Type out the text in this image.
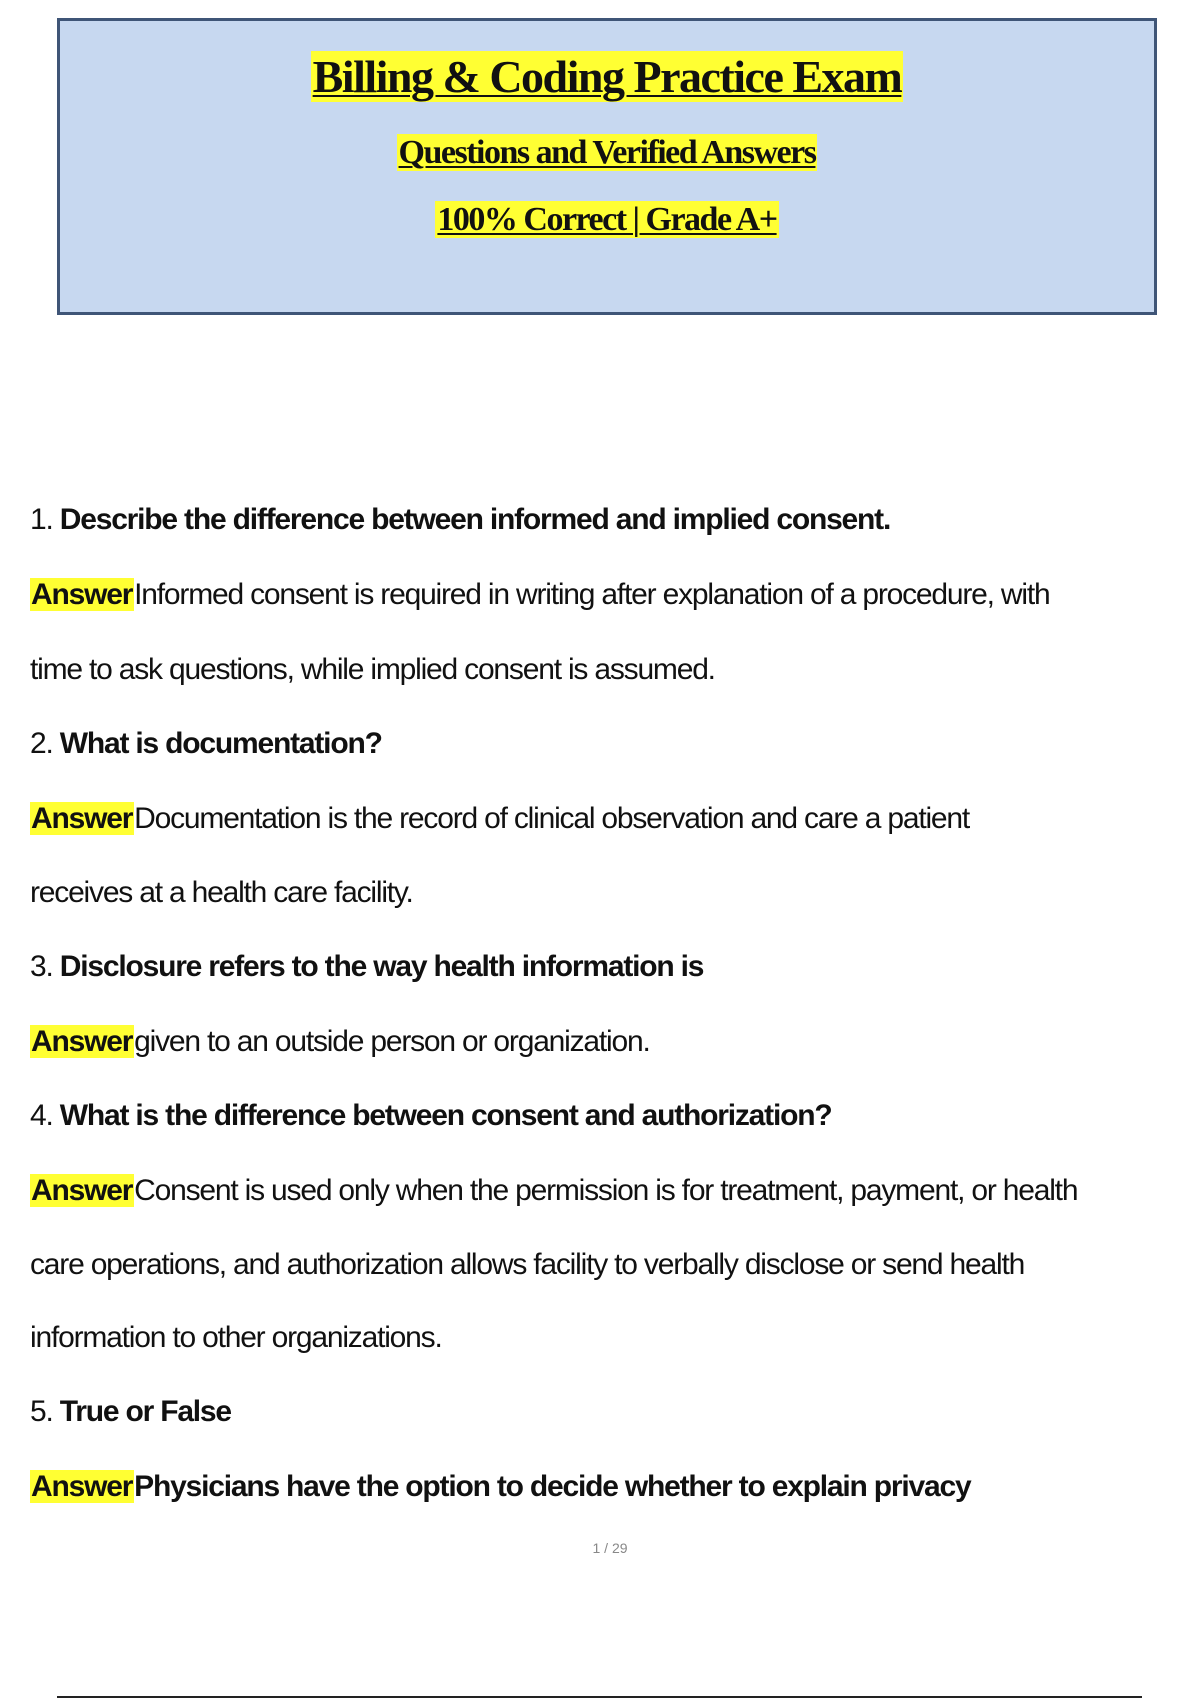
Billing & Coding Practice Exam

Questions and Verified Answers

100% Correct | Grade A+

1. Describe the difference between informed and implied consent.

AnswerInformed consent is required in writing after explanation of a procedure, with

time to ask questions, while implied consent is assumed.

2. What is documentation?

AnswerDocumentation is the record of clinical observation and care a patient

receives at a health care facility.

3. Disclosure refers to the way health information is

Answergiven to an outside person or organization.

4. What is the difference between consent and authorization?

AnswerConsent is used only when the permission is for treatment, payment, or health

care operations, and authorization allows facility to verbally disclose or send health

information to other organizations.

5. True or False

AnswerPhysicians have the option to decide whether to explain privacy

1 / 29
